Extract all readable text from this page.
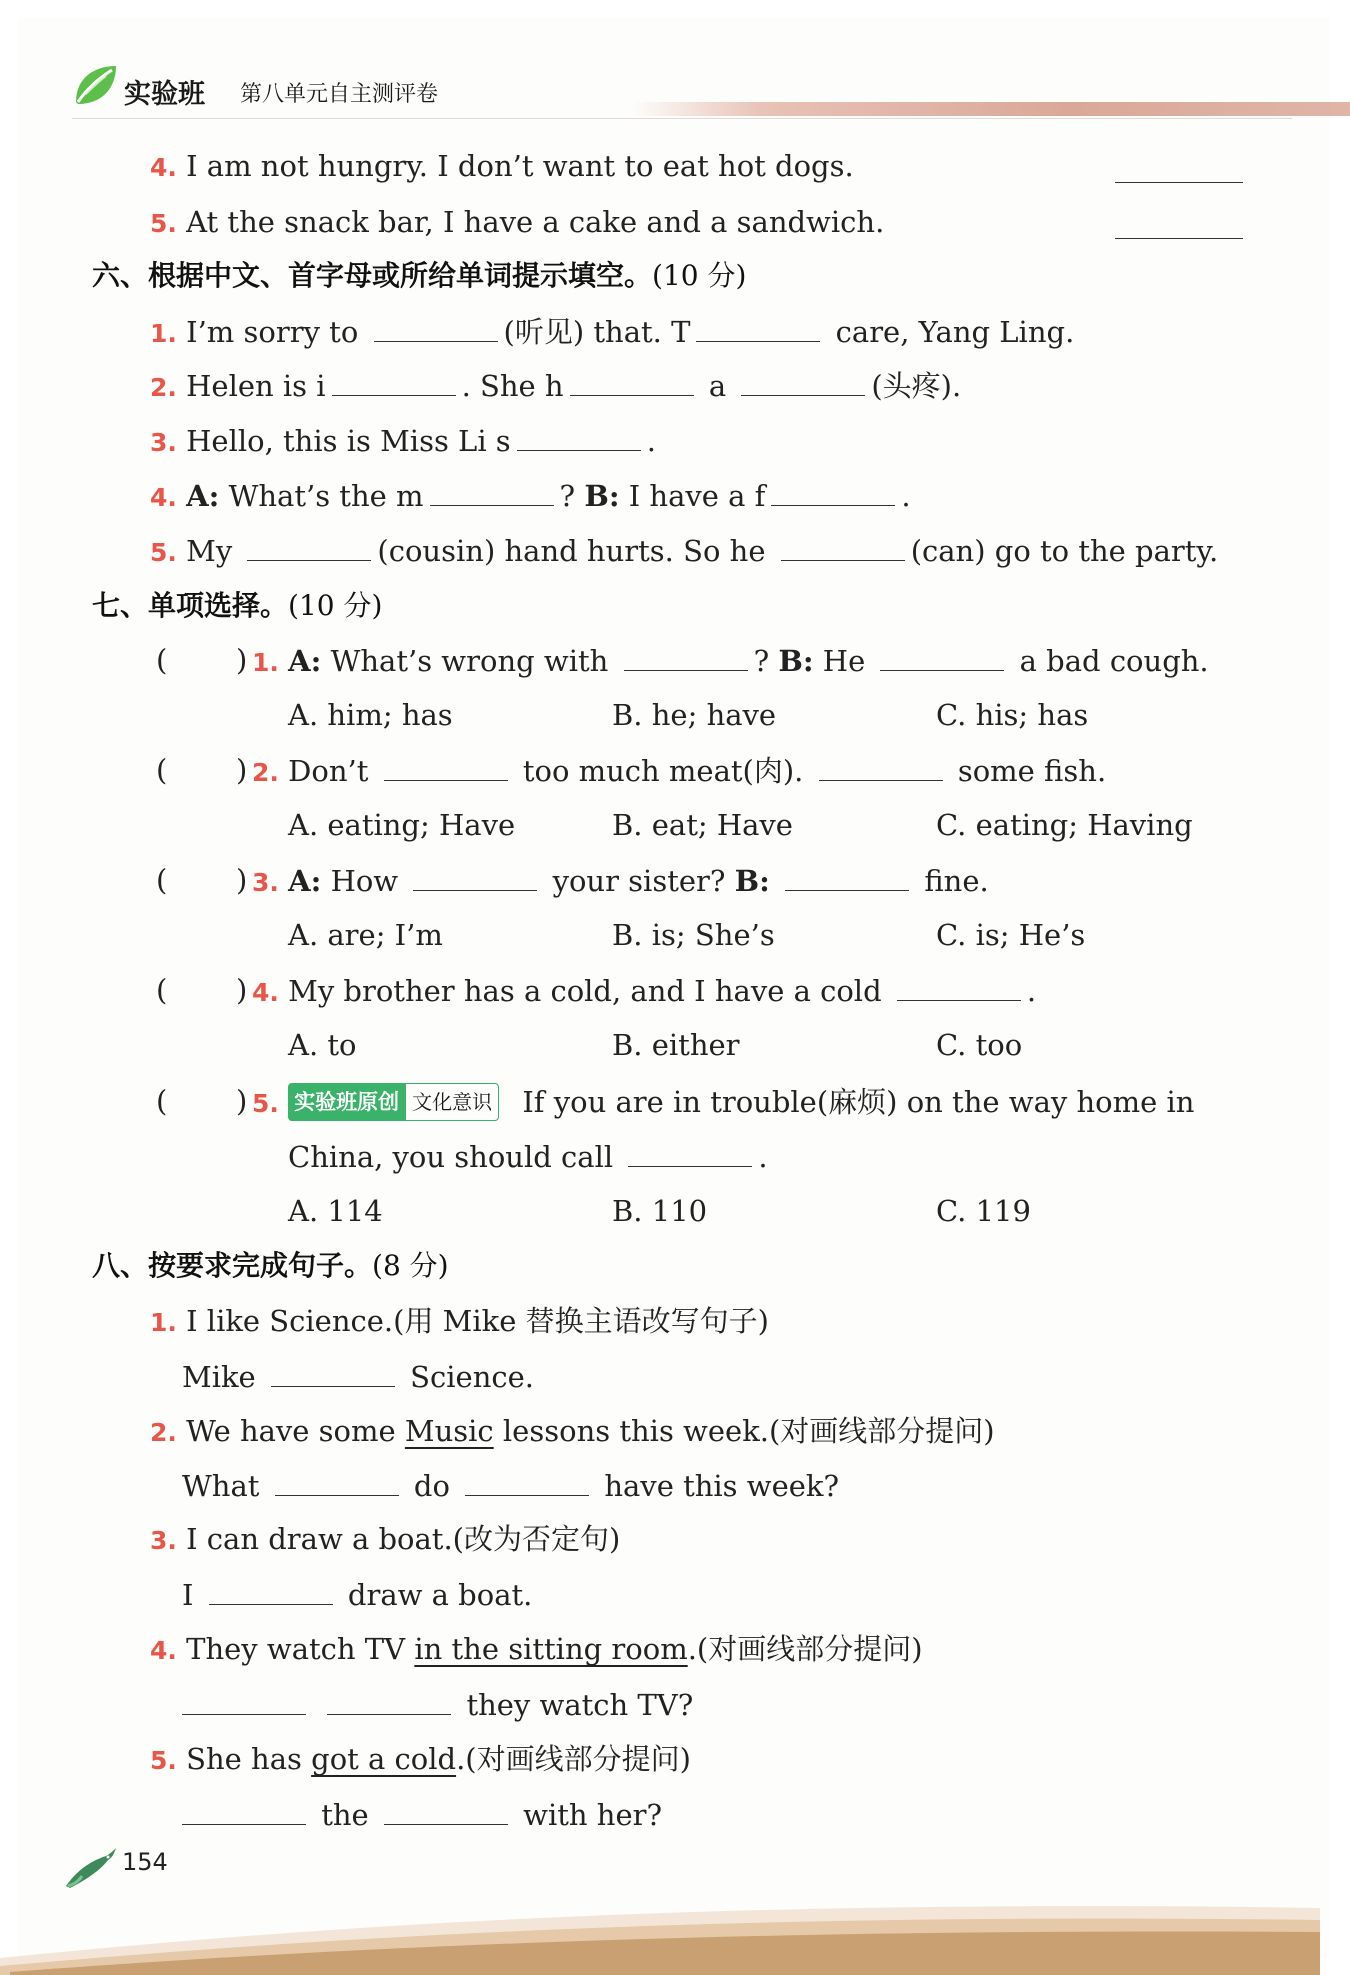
实验班 第八单元自主测评卷
4. I am not hungry. I don’t want to eat hot dogs.
5. At the snack bar, I have a cake and a sandwich.
六、根据中文、首字母或所给单词提示填空。(10 分)
1. I’m sorry to	(听见) that. T	care, Yang Ling.
2. Helen is i	. She h	a	(头疼).
3. Hello, this is Miss Li s	.
4. A: What’s the m	? B: I have a f	.
5. My	(cousin) hand hurts. So he	(can) go to the party.
七、单项选择。(10 分)
( ) 1. A: What’s wrong with	? B: He	a bad cough.
A. him; has	B. he; have	C. his; has
( ) 2. Don’t	too much meat(肉).	some fish.
A. eating; Have	B. eat; Have	C. eating; Having
( ) 3. A: How	your sister? B:	fine.
A. are; I’m	B. is; She’s	C. is; He’s
( ) 4. My brother has a cold, and I have a cold	.
A. to	B. either	C. too
( ) 5. 实验班原创 文化意识 If you are in trouble(麻烦) on the way home in
China, you should call	.
A. 114	B. 110	C. 119
八、按要求完成句子。(8 分)
1. I like Science.(用 Mike 替换主语改写句子)
Mike	Science.
2. We have some Music lessons this week.(对画线部分提问)
What	do	have this week?
3. I can draw a boat.(改为否定句)
I	draw a boat.
4. They watch TV in the sitting room.(对画线部分提问)
they watch TV?
5. She has got a cold.(对画线部分提问)
the	with her?
154
